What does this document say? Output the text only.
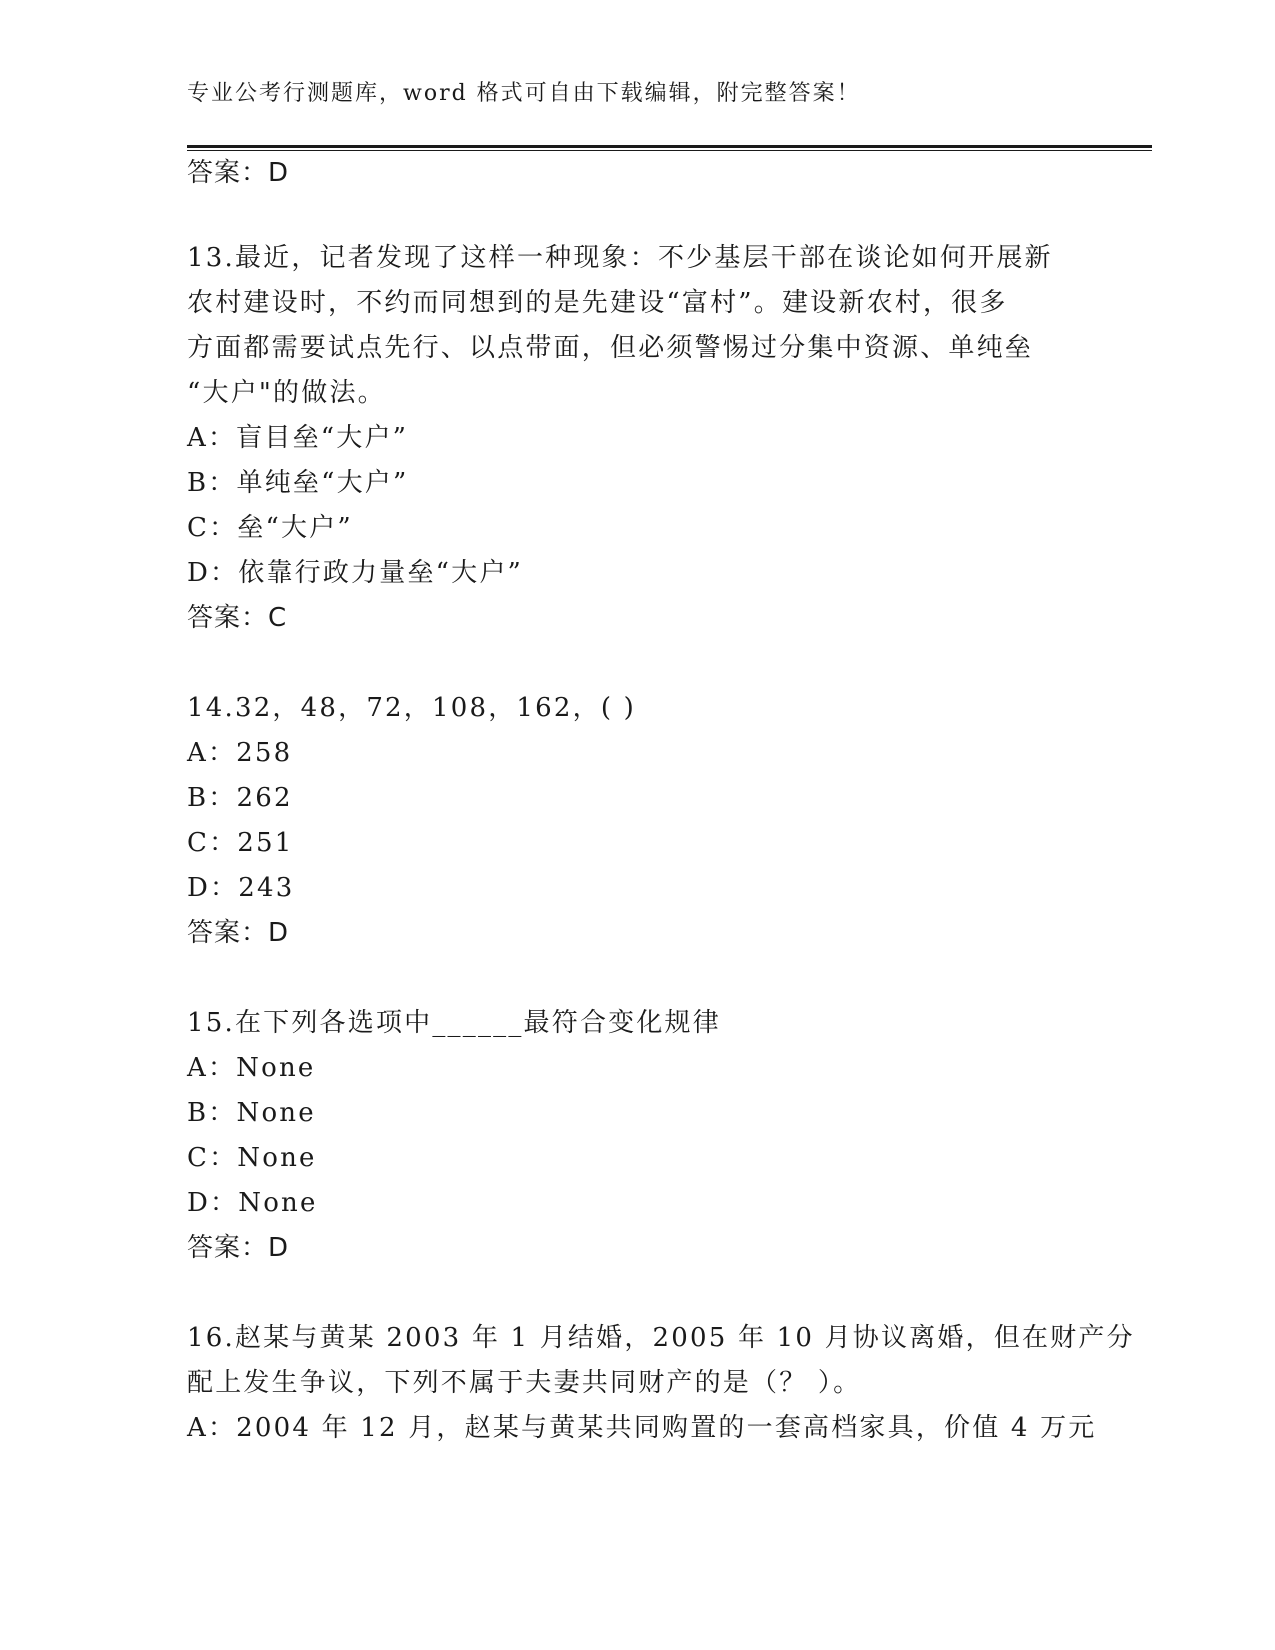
专业公考行测题库，word 格式可自由下载编辑，附完整答案！
答案：D
13.最近，记者发现了这样一种现象：不少基层干部在谈论如何开展新
农村建设时，不约而同想到的是先建设“富村”。建设新农村，很多
方面都需要试点先行、以点带面，但必须警惕过分集中资源、单纯垒
“大户"的做法。
A：盲目垒“大户”
B：单纯垒“大户”
C：垒“大户”
D：依靠行政力量垒“大户”
答案：C
14.32，48，72，108，162，( )
A：258
B：262
C：251
D：243
答案：D
15.在下列各选项中______最符合变化规律
A：None
B：None
C：None
D：None
答案：D
16.赵某与黄某 2003 年 1 月结婚，2005 年 10 月协议离婚，但在财产分
配上发生争议，下列不属于夫妻共同财产的是（？ ）。
A：2004 年 12 月，赵某与黄某共同购置的一套高档家具，价值 4 万元
